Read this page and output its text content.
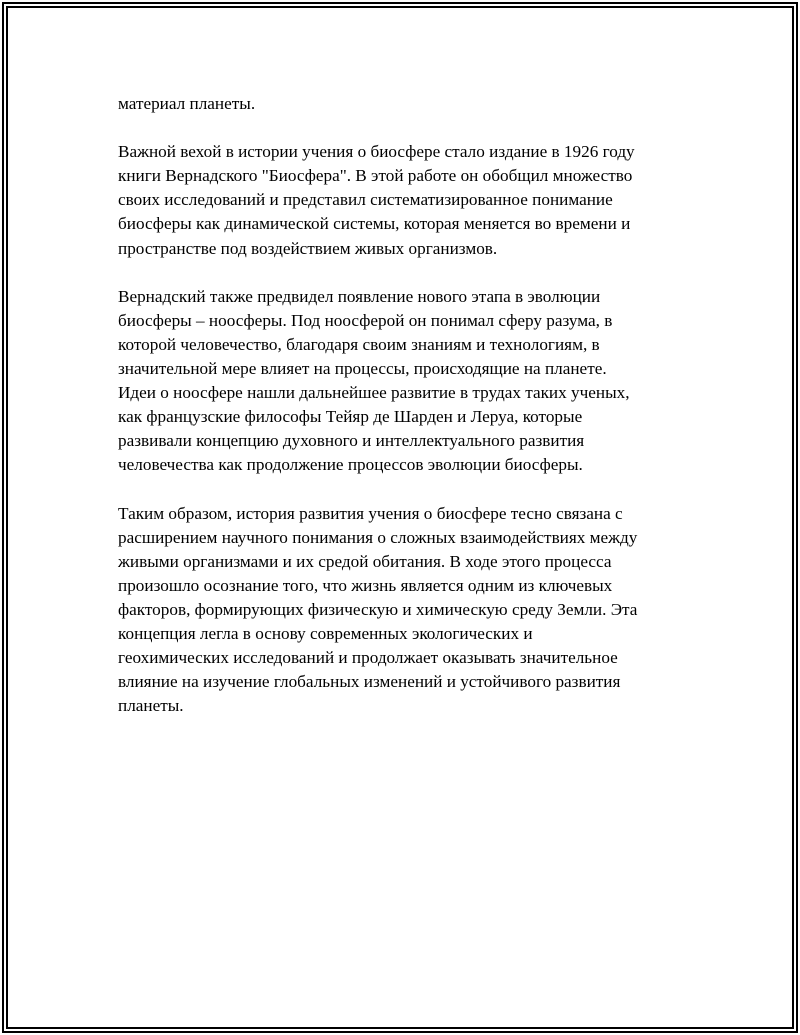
материал планеты.

Важной вехой в истории учения о биосфере стало издание в 1926 году
книги Вернадского "Биосфера". В этой работе он обобщил множество
своих исследований и представил систематизированное понимание
биосферы как динамической системы, которая меняется во времени и
пространстве под воздействием живых организмов.

Вернадский также предвидел появление нового этапа в эволюции
биосферы – ноосферы. Под ноосферой он понимал сферу разума, в
которой человечество, благодаря своим знаниям и технологиям, в
значительной мере влияет на процессы, происходящие на планете.
Идеи о ноосфере нашли дальнейшее развитие в трудах таких ученых,
как французские философы Тейяр де Шарден и Леруа, которые
развивали концепцию духовного и интеллектуального развития
человечества как продолжение процессов эволюции биосферы.

Таким образом, история развития учения о биосфере тесно связана с
расширением научного понимания о сложных взаимодействиях между
живыми организмами и их средой обитания. В ходе этого процесса
произошло осознание того, что жизнь является одним из ключевых
факторов, формирующих физическую и химическую среду Земли. Эта
концепция легла в основу современных экологических и
геохимических исследований и продолжает оказывать значительное
влияние на изучение глобальных изменений и устойчивого развития
планеты.
